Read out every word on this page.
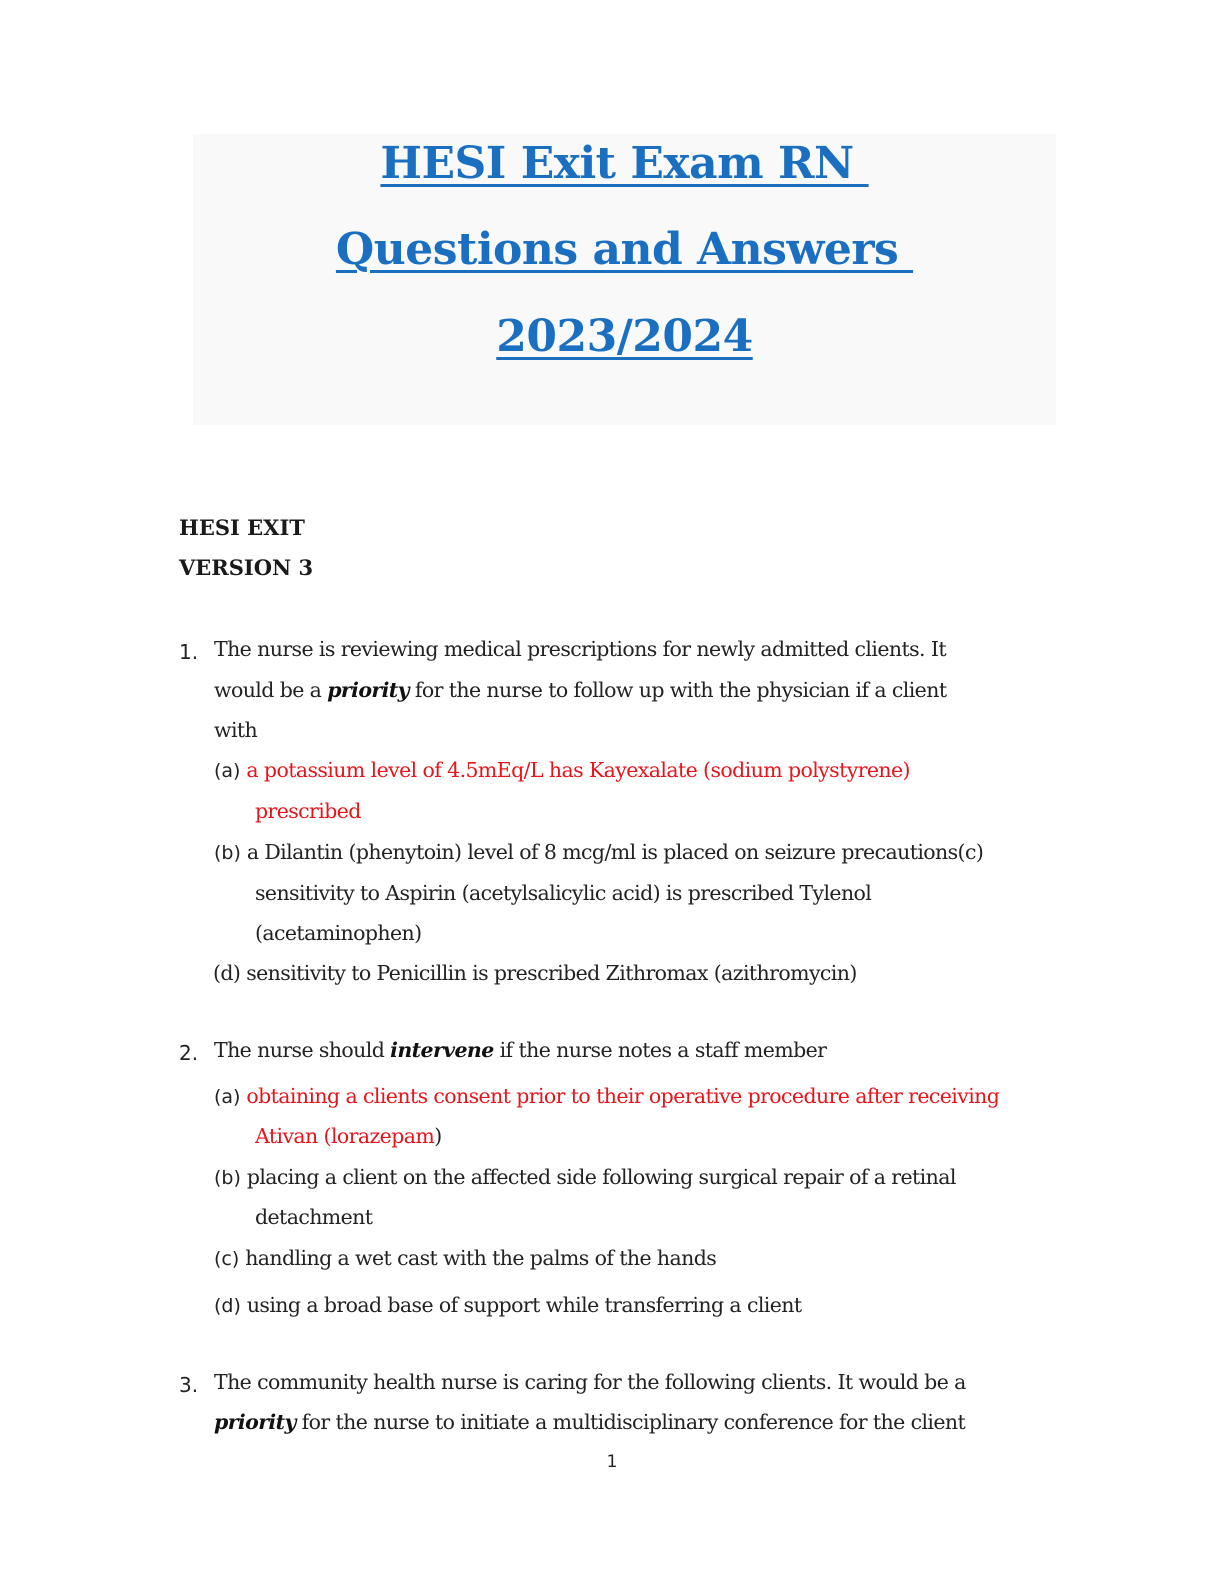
HESI Exit Exam RN
Questions and Answers
2023/2024
HESI EXIT
VERSION 3
1. The nurse is reviewing medical prescriptions for newly admitted clients. It
would be a priority for the nurse to follow up with the physician if a client
with
(a) a potassium level of 4.5mEq/L has Kayexalate (sodium polystyrene)
prescribed
(b) a Dilantin (phenytoin) level of 8 mcg/ml is placed on seizure precautions(c)
sensitivity to Aspirin (acetylsalicylic acid) is prescribed Tylenol
(acetaminophen)
(d) sensitivity to Penicillin is prescribed Zithromax (azithromycin)
2. The nurse should intervene if the nurse notes a staff member
(a) obtaining a clients consent prior to their operative procedure after receiving
Ativan (lorazepam)
(b) placing a client on the affected side following surgical repair of a retinal
detachment
(c) handling a wet cast with the palms of the hands
(d) using a broad base of support while transferring a client
3. The community health nurse is caring for the following clients. It would be a
priority for the nurse to initiate a multidisciplinary conference for the client
1
